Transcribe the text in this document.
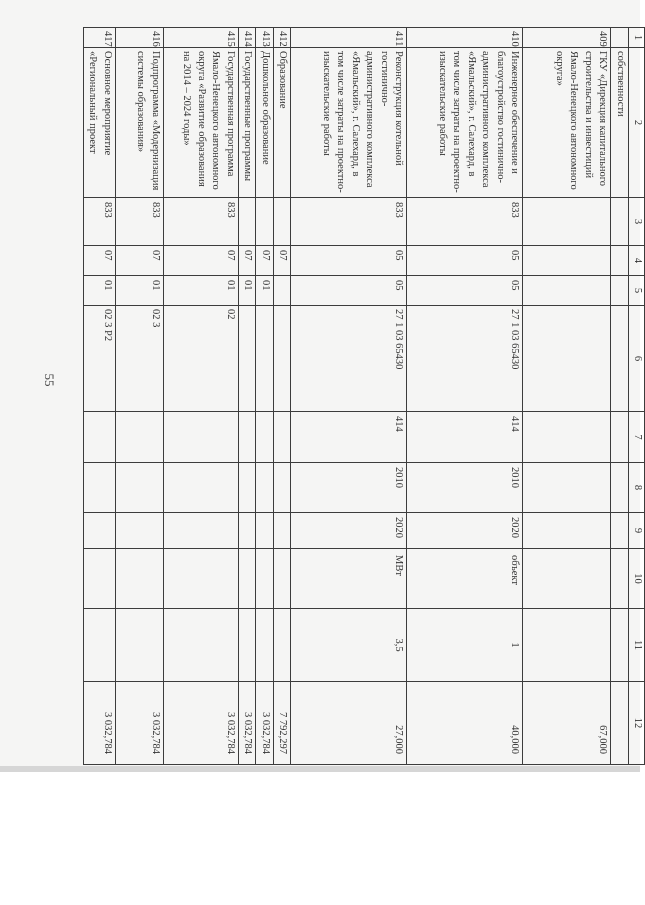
55
1	2	3	4	5	6	7	8	9	10	11	12
	собственности										
409	ГКУ «Дирекция капитального строительства и инвестиций Ямало-Ненецкого автономного округа»										67,000
410	Инженерное обеспечение и благоустройство гостинично-административного комплекса «Ямальский», г. Салехард, в том числе затраты на проектно-изыскательские работы	833	05	05	27 1 03 65430	414	2010	2020	объект	1	40,000
411	Реконструкция котельной гостинично-административного комплекса «Ямальский», г. Салехард, в том числе затраты на проектно-изыскательские работы	833	05	05	27 1 03 65430	414	2010	2020	МВт	3,5	27,000
412	Образование		07								7 792,297
413	Дошкольное образование		07	01							3 032,784
414	Государственные программы		07	01							3 032,784
415	Государственная программа Ямало-Ненецкого автономного округа «Развитие образования на 2014 – 2024 годы»	833	07	01	02						3 032,784
416	Подпрограмма «Модернизация системы образования»	833	07	01	02 3						3 032,784
417	Основное мероприятие «Региональный проект	833	07	01	02 3 P2						3 032,784
